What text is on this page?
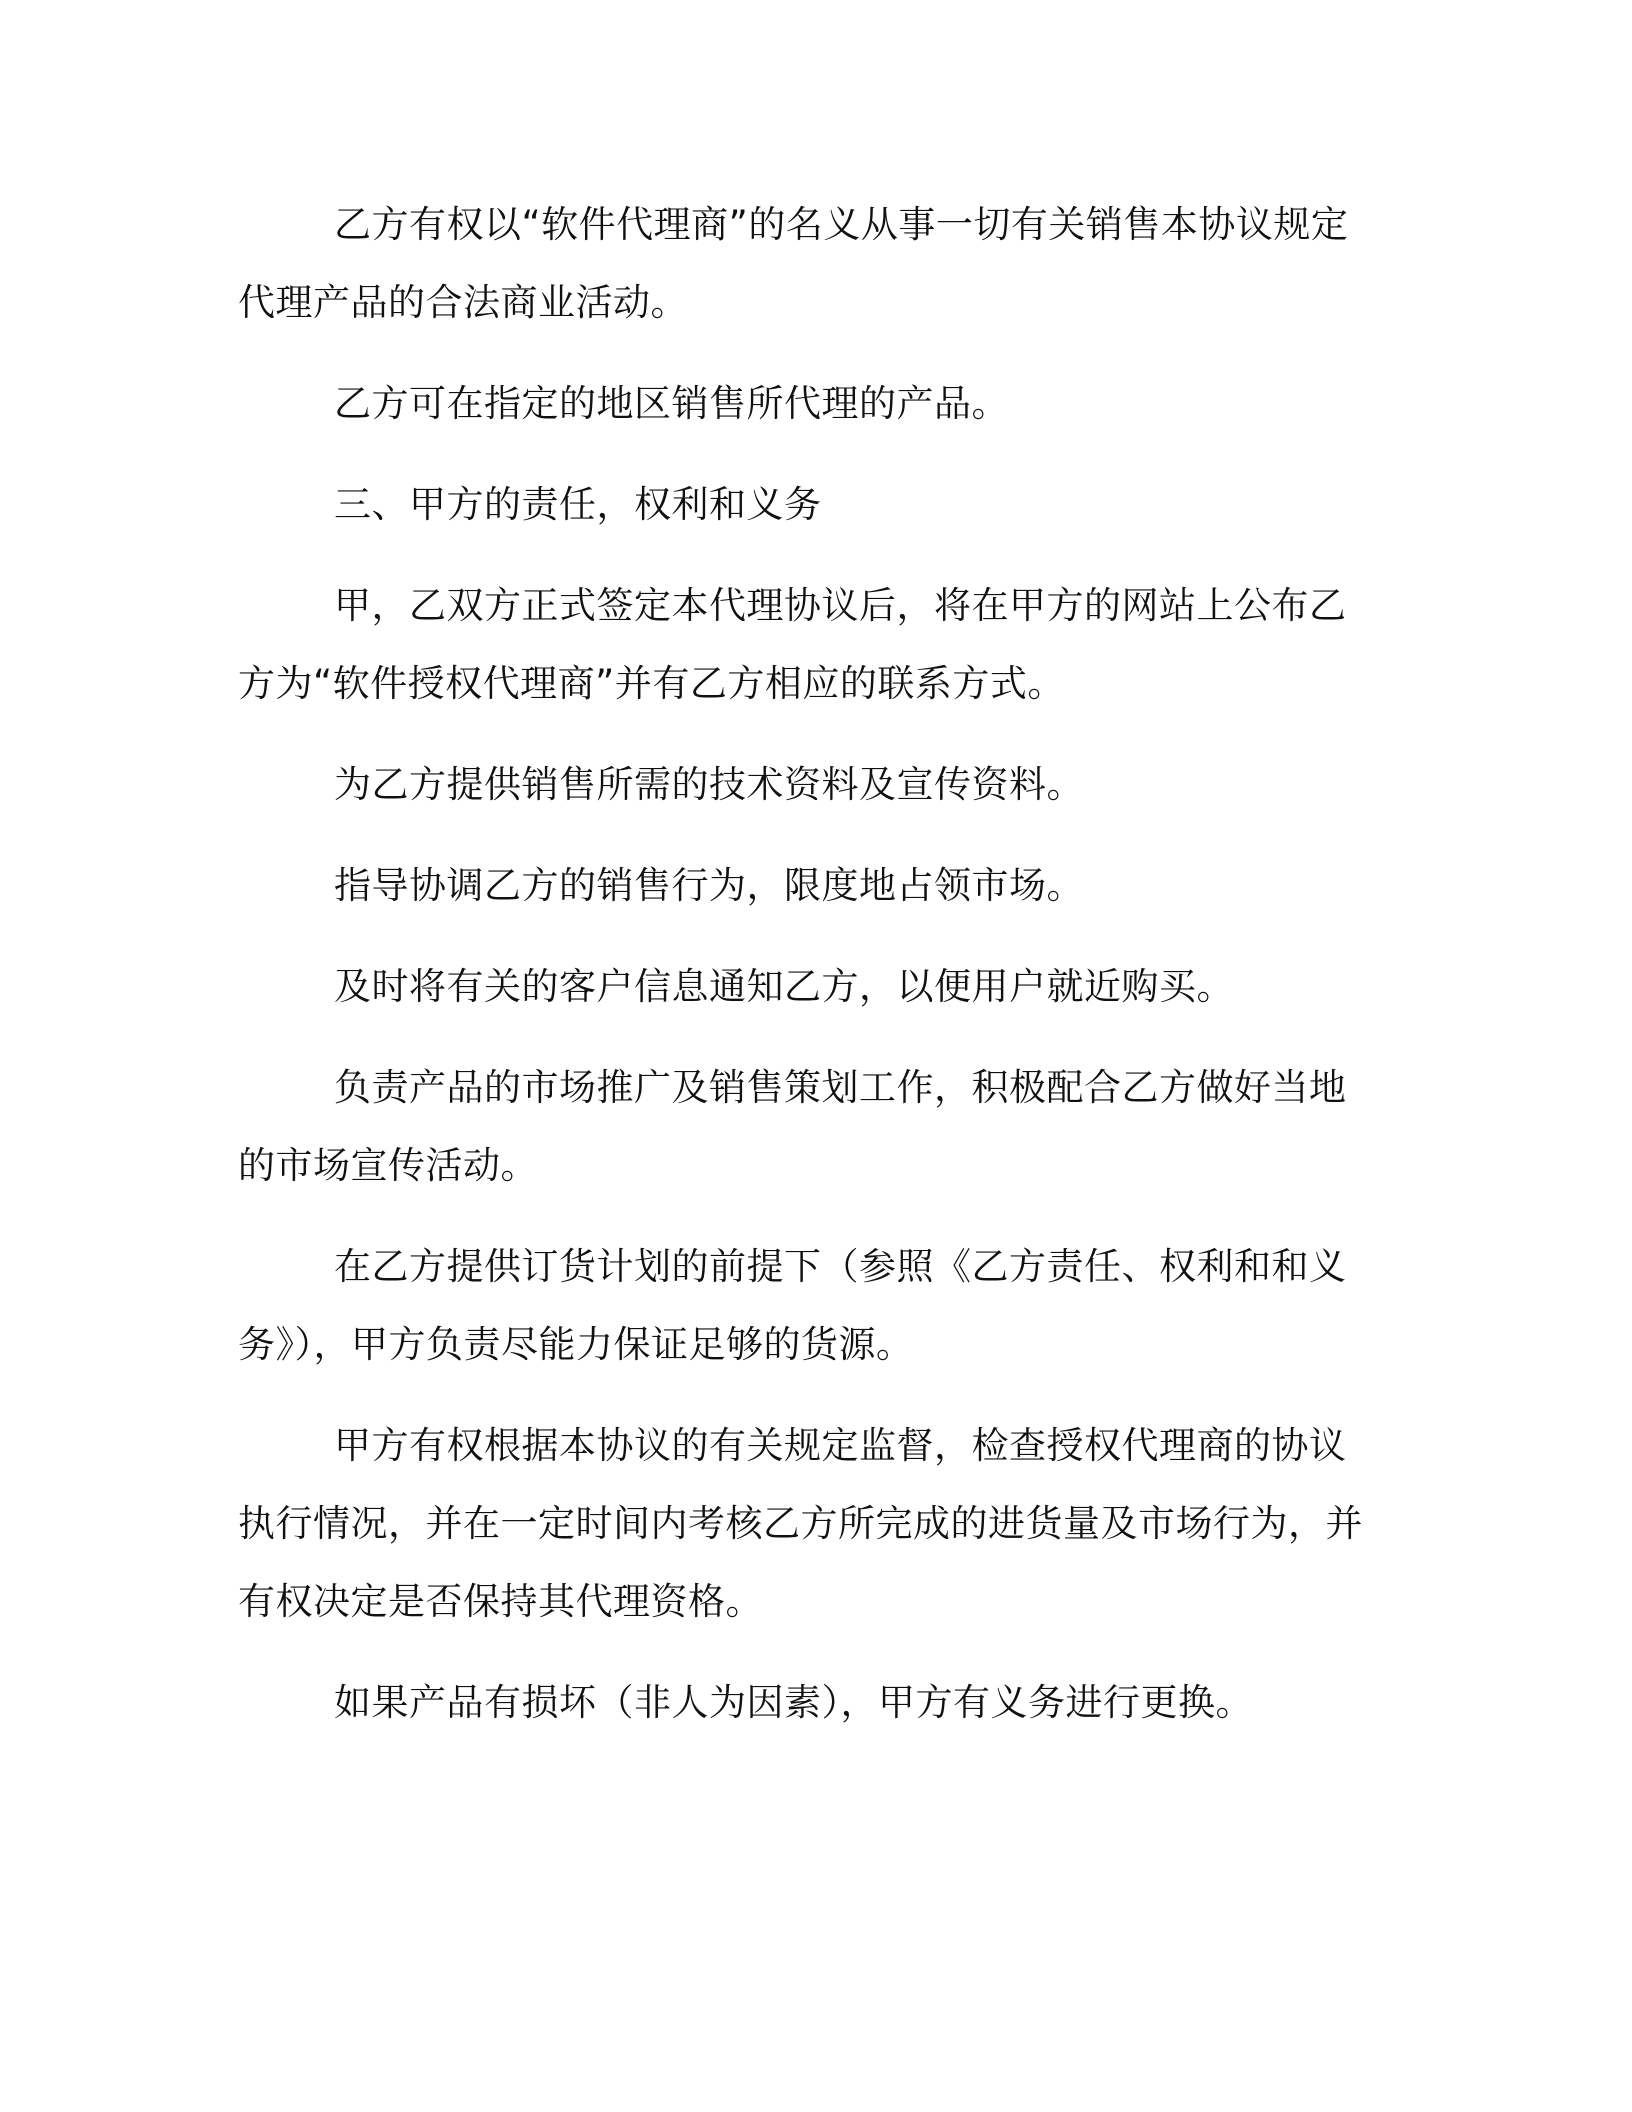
乙方有权以“软件代理商”的名义从事一切有关销售本协议规定代理产品的合法商业活动。

乙方可在指定的地区销售所代理的产品。

三、甲方的责任，权利和义务

甲，乙双方正式签定本代理协议后，将在甲方的网站上公布乙方为“软件授权代理商”并有乙方相应的联系方式。

为乙方提供销售所需的技术资料及宣传资料。

指导协调乙方的销售行为，限度地占领市场。

及时将有关的客户信息通知乙方，以便用户就近购买。

负责产品的市场推广及销售策划工作，积极配合乙方做好当地的市场宣传活动。

在乙方提供订货计划的前提下（参照《乙方责任、权利和和义务》），甲方负责尽能力保证足够的货源。

甲方有权根据本协议的有关规定监督，检查授权代理商的协议执行情况，并在一定时间内考核乙方所完成的进货量及市场行为，并有权决定是否保持其代理资格。

如果产品有损坏（非人为因素），甲方有义务进行更换。
